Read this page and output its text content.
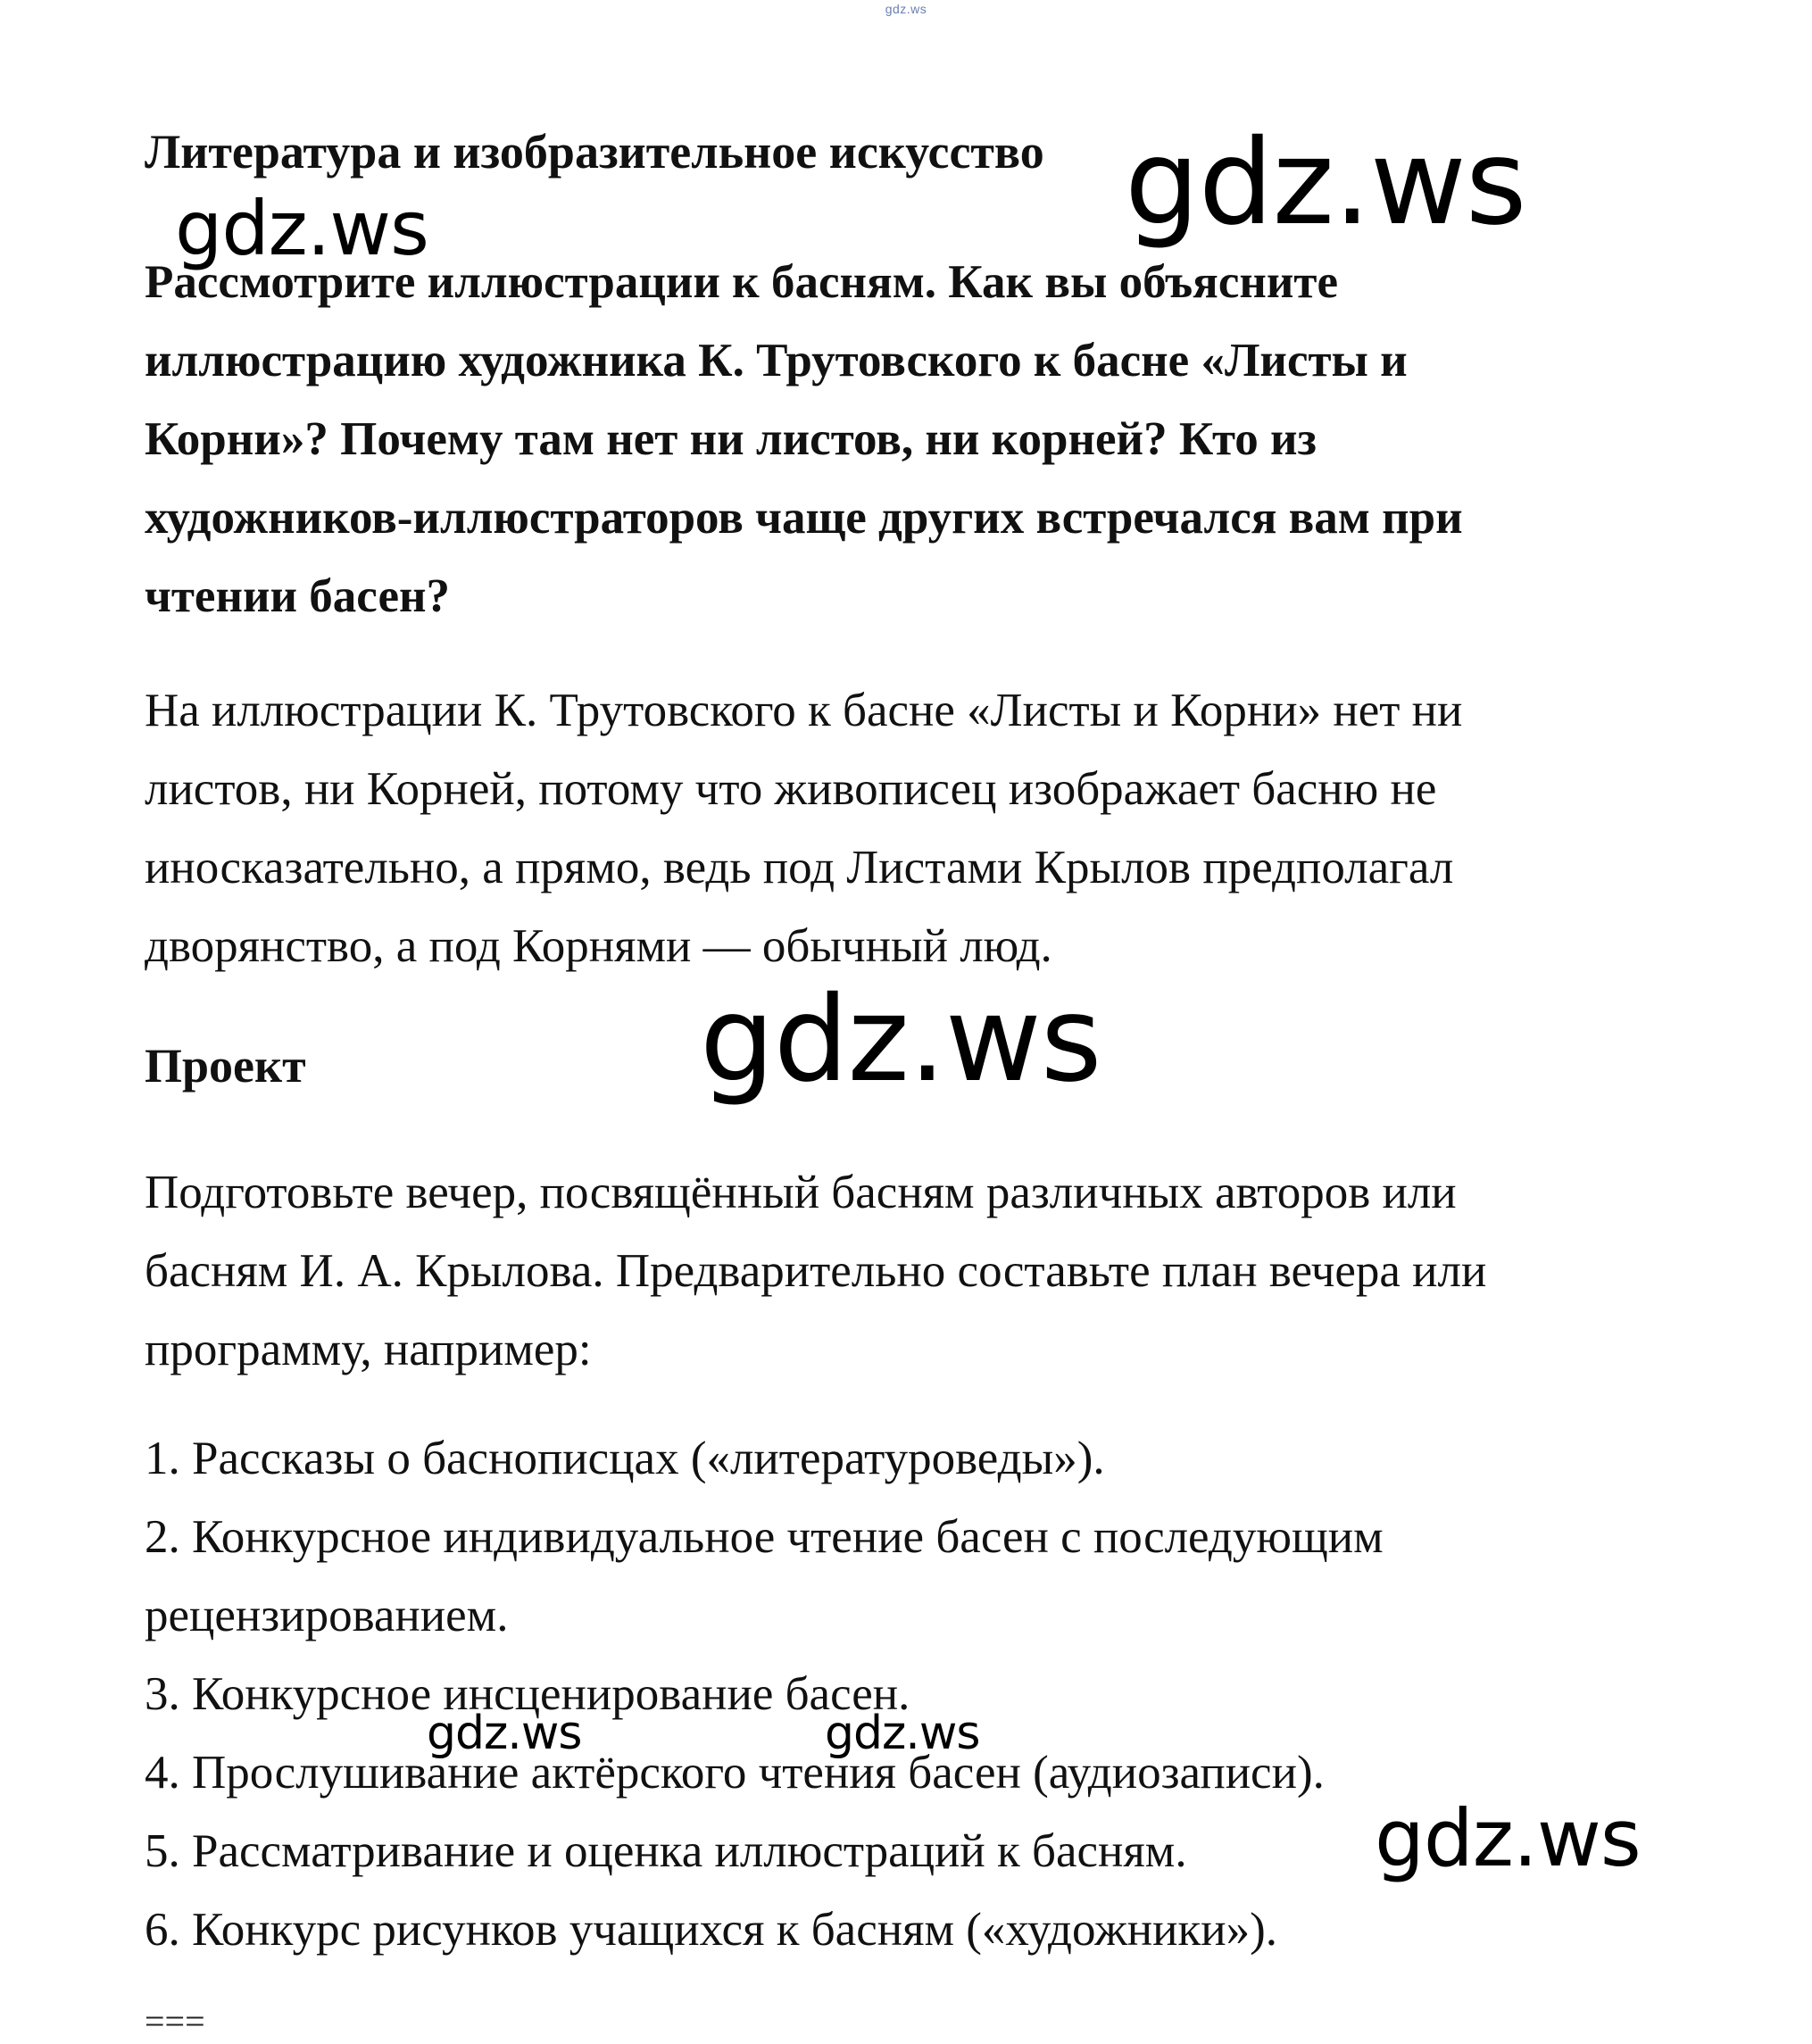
gdz.ws
Литература и изобразительное искусство
Рассмотрите иллюстрации к басням. Как вы объясните
иллюстрацию художника К. Трутовского к басне «Листы и
Корни»? Почему там нет ни листов, ни корней? Кто из
художников-иллюстраторов чаще других встречался вам при
чтении басен?
На иллюстрации К. Трутовского к басне «Листы и Корни» нет ни
листов, ни Корней, потому что живописец изображает басню не
иносказательно, а прямо, ведь под Листами Крылов предполагал
дворянство, а под Корнями — обычный люд.
Проект
Подготовьте вечер, посвящённый басням различных авторов или
басням И. А. Крылова. Предварительно составьте план вечера или
программу, например:
1. Рассказы о баснописцах («литературоведы»).
2. Конкурсное индивидуальное чтение басен с последующим
рецензированием.
3. Конкурсное инсценирование басен.
4. Прослушивание актёрского чтения басен (аудиозаписи).
5. Рассматривание и оценка иллюстраций к басням.
6. Конкурс рисунков учащихся к басням («художники»).
===
gdz.ws
gdz.ws
gdz.ws
gdz.ws	gdz.ws
gdz.ws
